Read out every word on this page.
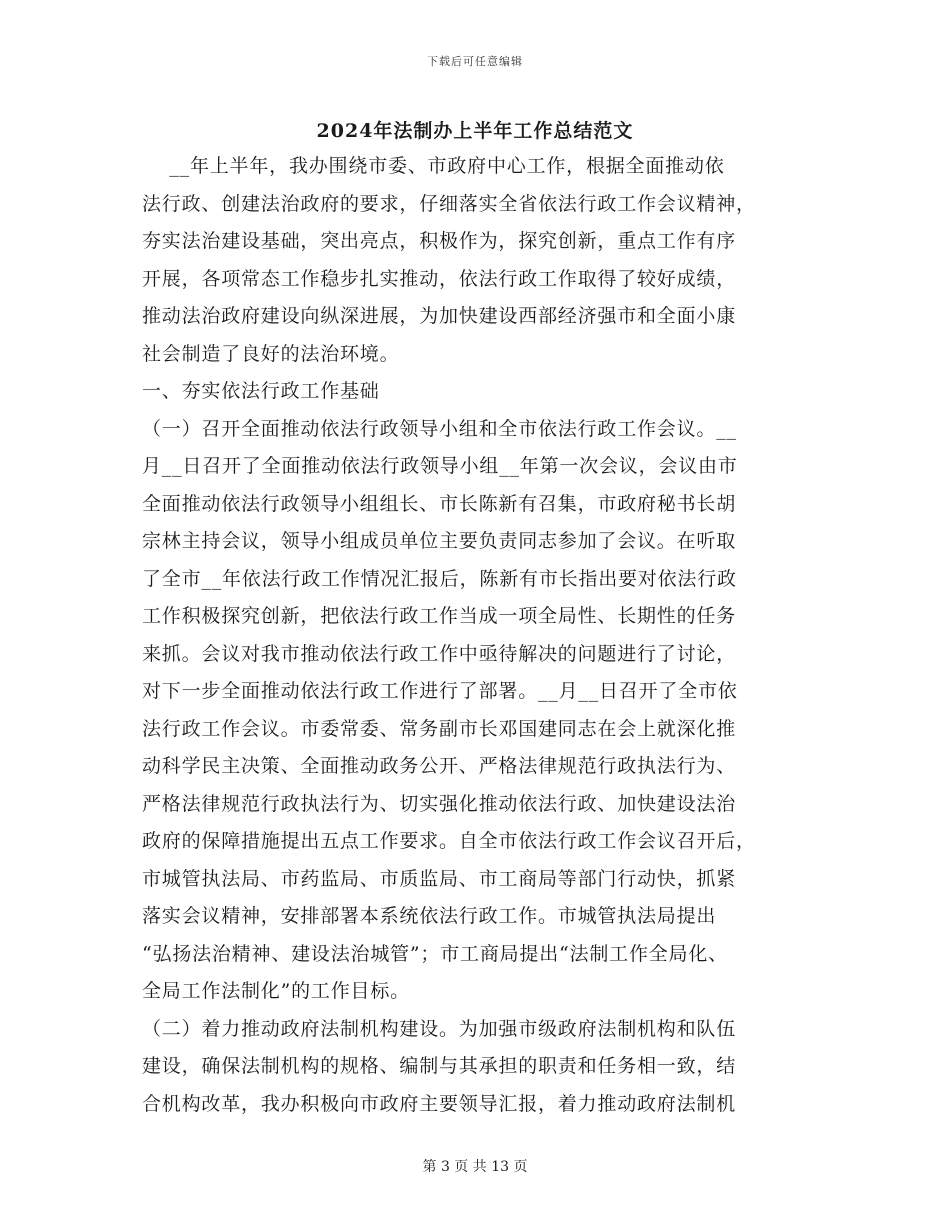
下载后可任意编辑
2024年法制办上半年工作总结范文
__年上半年，我办围绕市委、市政府中心工作，根据全面推动依
法行政、创建法治政府的要求，仔细落实全省依法行政工作会议精神，
夯实法治建设基础，突出亮点，积极作为，探究创新，重点工作有序
开展，各项常态工作稳步扎实推动，依法行政工作取得了较好成绩，
推动法治政府建设向纵深进展，为加快建设西部经济强市和全面小康
社会制造了良好的法治环境。
一、夯实依法行政工作基础
（一）召开全面推动依法行政领导小组和全市依法行政工作会议。__
月__日召开了全面推动依法行政领导小组__年第一次会议，会议由市
全面推动依法行政领导小组组长、市长陈新有召集，市政府秘书长胡
宗林主持会议，领导小组成员单位主要负责同志参加了会议。在听取
了全市__年依法行政工作情况汇报后，陈新有市长指出要对依法行政
工作积极探究创新，把依法行政工作当成一项全局性、长期性的任务
来抓。会议对我市推动依法行政工作中亟待解决的问题进行了讨论，
对下一步全面推动依法行政工作进行了部署。__月__日召开了全市依
法行政工作会议。市委常委、常务副市长邓国建同志在会上就深化推
动科学民主决策、全面推动政务公开、严格法律规范行政执法行为、
严格法律规范行政执法行为、切实强化推动依法行政、加快建设法治
政府的保障措施提出五点工作要求。自全市依法行政工作会议召开后，
市城管执法局、市药监局、市质监局、市工商局等部门行动快，抓紧
落实会议精神，安排部署本系统依法行政工作。市城管执法局提出
“弘扬法治精神、建设法治城管”；市工商局提出“法制工作全局化、
全局工作法制化”的工作目标。
（二）着力推动政府法制机构建设。为加强市级政府法制机构和队伍
建设，确保法制机构的规格、编制与其承担的职责和任务相一致，结
合机构改革，我办积极向市政府主要领导汇报，着力推动政府法制机
第 3 页 共 13 页
